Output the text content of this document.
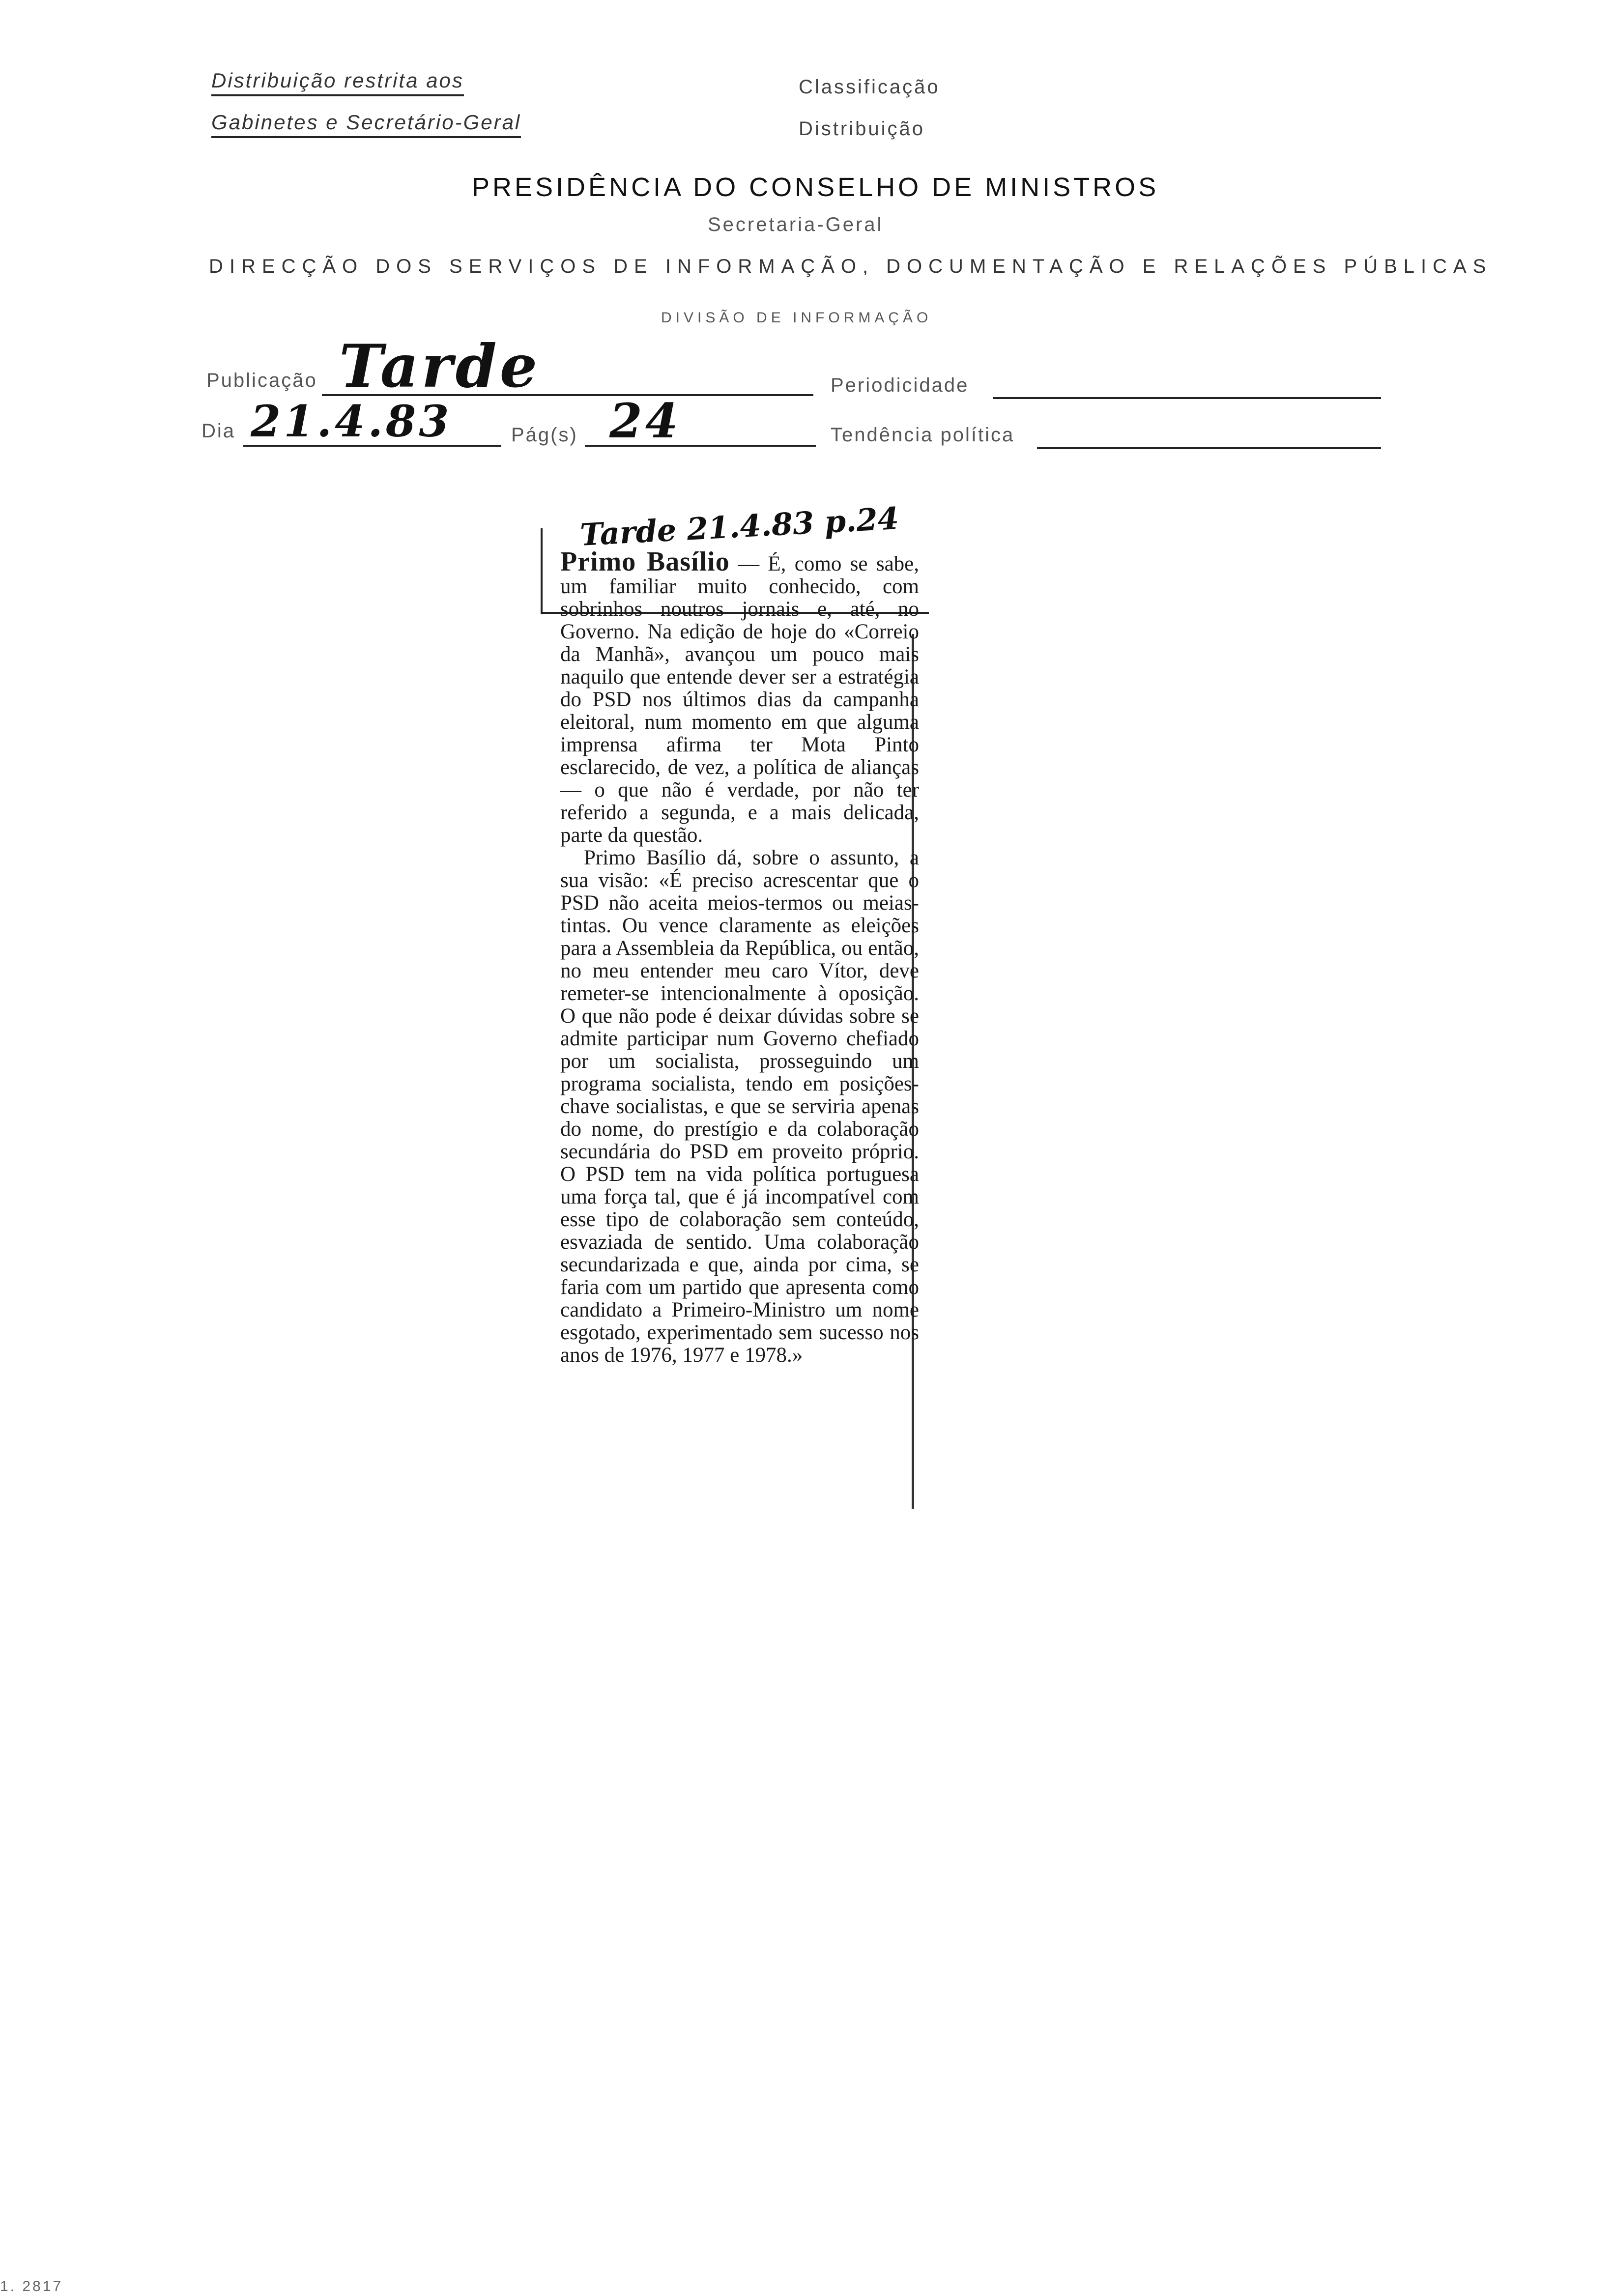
Distribuição restrita aos
Gabinetes e Secretário-Geral
Classificação
Distribuição
PRESIDÊNCIA DO CONSELHO DE MINISTROS
Secretaria-Geral
DIRECÇÃO DOS SERVIÇOS DE INFORMAÇÃO, DOCUMENTAÇÃO E RELAÇÕES PÚBLICAS
DIVISÃO DE INFORMAÇÃO
Publicação Tarde	Periodicidade
Dia 21.4.83	Pág(s) 24	Tendência política
Tarde 21.4.83 p.24

Primo Basílio — É, como se sabe, um familiar muito conhecido, com sobrinhos noutros jornais e, até, no Governo. Na edição de hoje do «Correio da Manhã», avançou um pouco mais naquilo que entende dever ser a estratégia do PSD nos últimos dias da campanha eleitoral, num momento em que alguma imprensa afirma ter Mota Pinto esclarecido, de vez, a política de alianças — o que não é verdade, por não ter referido a segunda, e a mais delicada, parte da questão.

Primo Basílio dá, sobre o assunto, a sua visão: «É preciso acrescentar que o PSD não aceita meios-termos ou meias-tintas. Ou vence claramente as eleições para a Assembleia da República, ou então, no meu entender meu caro Vítor, deve remeter-se intencionalmente à oposição. O que não pode é deixar dúvidas sobre se admite participar num Governo chefiado por um socialista, prosseguindo um programa socialista, tendo em posições-chave socialistas, e que se serviria apenas do nome, do prestígio e da colaboração secundária do PSD em proveito próprio. O PSD tem na vida política portuguesa uma força tal, que é já incompatível com esse tipo de colaboração sem conteúdo, esvaziada de sentido. Uma colaboração secundarizada e que, ainda por cima, se faria com um partido que apresenta como candidato a Primeiro-Ministro um nome esgotado, experimentado sem sucesso nos anos de 1976, 1977 e 1978.»

1. 2817
